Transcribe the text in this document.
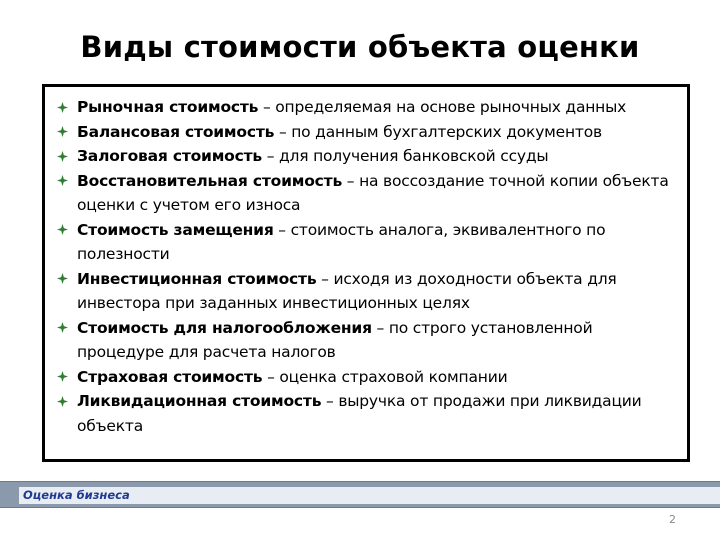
Виды стоимости объекта оценки
Рыночная стоимость – определяемая на основе рыночных данных
Балансовая стоимость – по данным бухгалтерских документов
Залоговая стоимость – для получения банковской ссуды
Восстановительная стоимость – на воссоздание точной копии объекта оценки с учетом его износа
Стоимость замещения – стоимость аналога, эквивалентного по полезности
Инвестиционная стоимость – исходя из доходности объекта для инвестора при заданных инвестиционных целях
Стоимость для налогообложения – по строго установленной процедуре для расчета налогов
Страховая стоимость – оценка страховой компании
Ликвидационная стоимость – выручка от продажи при ликвидации объекта
Оценка бизнеса
2
